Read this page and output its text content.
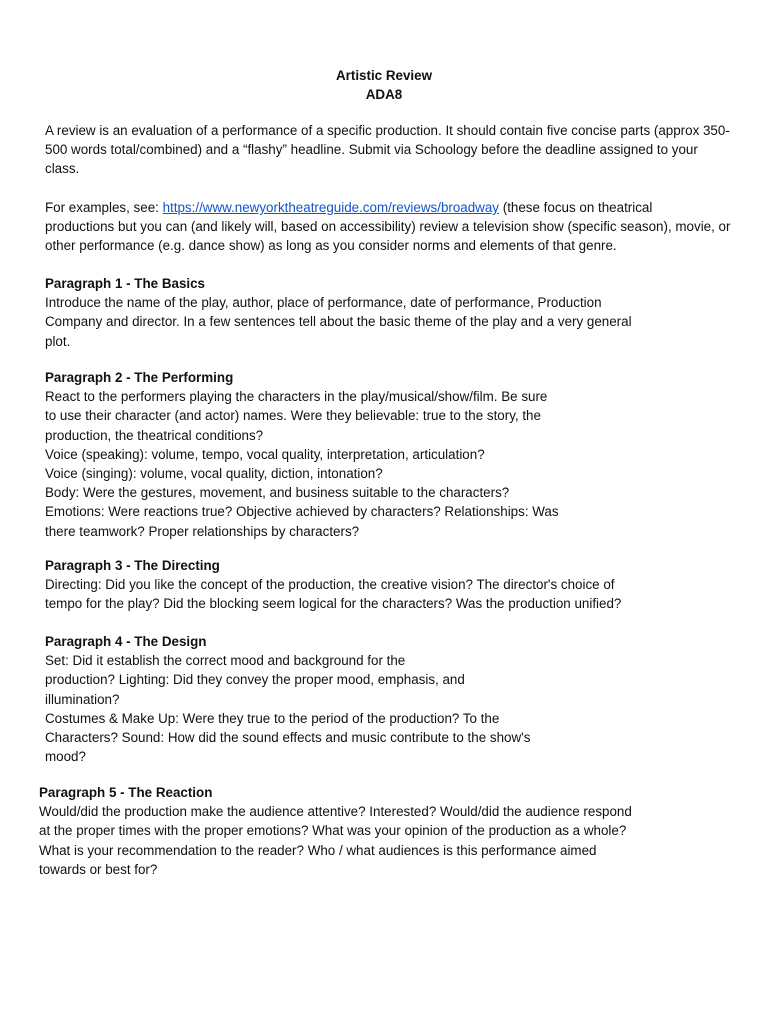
Artistic Review
ADA8
A review is an evaluation of a performance of a specific production. It should contain five concise parts (approx 350-
500 words total/combined) and a “flashy” headline. Submit via Schoology before the deadline assigned to your
class.
For examples, see: https://www.newyorktheatreguide.com/reviews/broadway (these focus on theatrical
productions but you can (and likely will, based on accessibility) review a television show (specific season), movie, or
other performance (e.g. dance show) as long as you consider norms and elements of that genre.
Paragraph 1 - The Basics
Introduce the name of the play, author, place of performance, date of performance, Production
Company and director. In a few sentences tell about the basic theme of the play and a very general
plot.
Paragraph 2 - The Performing
React to the performers playing the characters in the play/musical/show/film. Be sure
to use their character (and actor) names. Were they believable: true to the story, the
production, the theatrical conditions?
Voice (speaking): volume, tempo, vocal quality, interpretation, articulation?
Voice (singing): volume, vocal quality, diction, intonation?
Body: Were the gestures, movement, and business suitable to the characters?
Emotions: Were reactions true? Objective achieved by characters? Relationships: Was
there teamwork? Proper relationships by characters?
Paragraph 3 - The Directing
Directing: Did you like the concept of the production, the creative vision? The director's choice of
tempo for the play? Did the blocking seem logical for the characters? Was the production unified?
Paragraph 4 - The Design
Set: Did it establish the correct mood and background for the
production? Lighting: Did they convey the proper mood, emphasis, and
illumination?
Costumes & Make Up: Were they true to the period of the production? To the
Characters? Sound: How did the sound effects and music contribute to the show's
mood?
Paragraph 5 - The Reaction
Would/did the production make the audience attentive? Interested? Would/did the audience respond
at the proper times with the proper emotions? What was your opinion of the production as a whole?
What is your recommendation to the reader? Who / what audiences is this performance aimed
towards or best for?
